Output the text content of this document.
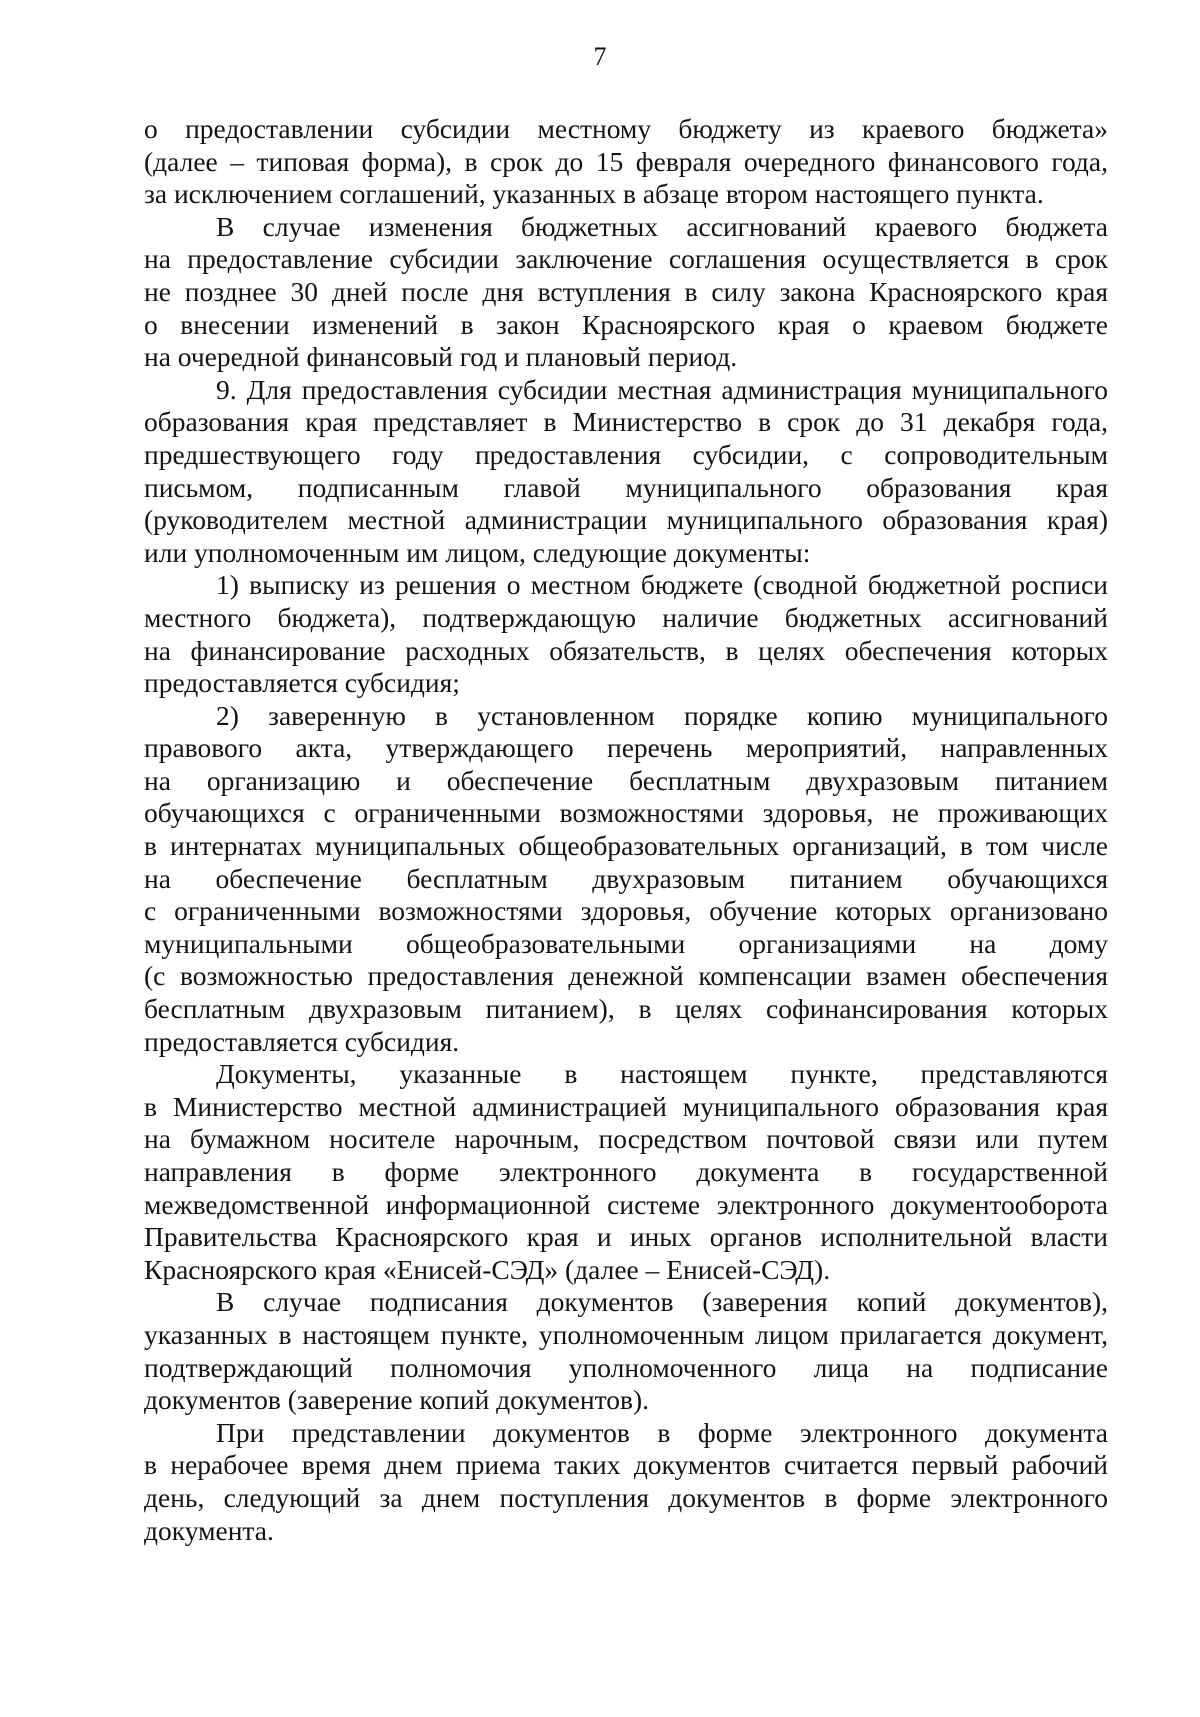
7
о предоставлении субсидии местному бюджету из краевого бюджета»
(далее – типовая форма), в срок до 15 февраля очередного финансового года,
за исключением соглашений, указанных в абзаце втором настоящего пункта.
В случае изменения бюджетных ассигнований краевого бюджета
на предоставление субсидии заключение соглашения осуществляется в срок
не позднее 30 дней после дня вступления в силу закона Красноярского края
о внесении изменений в закон Красноярского края о краевом бюджете
на очередной финансовый год и плановый период.
9. Для предоставления субсидии местная администрация муниципального
образования края представляет в Министерство в срок до 31 декабря года,
предшествующего году предоставления субсидии, с сопроводительным
письмом, подписанным главой муниципального образования края
(руководителем местной администрации муниципального образования края)
или уполномоченным им лицом, следующие документы:
1) выписку из решения о местном бюджете (сводной бюджетной росписи
местного бюджета), подтверждающую наличие бюджетных ассигнований
на финансирование расходных обязательств, в целях обеспечения которых
предоставляется субсидия;
2) заверенную в установленном порядке копию муниципального
правового акта, утверждающего перечень мероприятий, направленных
на организацию и обеспечение бесплатным двухразовым питанием
обучающихся с ограниченными возможностями здоровья, не проживающих
в интернатах муниципальных общеобразовательных организаций, в том числе
на обеспечение бесплатным двухразовым питанием обучающихся
с ограниченными возможностями здоровья, обучение которых организовано
муниципальными общеобразовательными организациями на дому
(с возможностью предоставления денежной компенсации взамен обеспечения
бесплатным двухразовым питанием), в целях софинансирования которых
предоставляется субсидия.
Документы, указанные в настоящем пункте, представляются
в Министерство местной администрацией муниципального образования края
на бумажном носителе нарочным, посредством почтовой связи или путем
направления в форме электронного документа в государственной
межведомственной информационной системе электронного документооборота
Правительства Красноярского края и иных органов исполнительной власти
Красноярского края «Енисей-СЭД» (далее – Енисей-СЭД).
В случае подписания документов (заверения копий документов),
указанных в настоящем пункте, уполномоченным лицом прилагается документ,
подтверждающий полномочия уполномоченного лица на подписание
документов (заверение копий документов).
При представлении документов в форме электронного документа
в нерабочее время днем приема таких документов считается первый рабочий
день, следующий за днем поступления документов в форме электронного
документа.
